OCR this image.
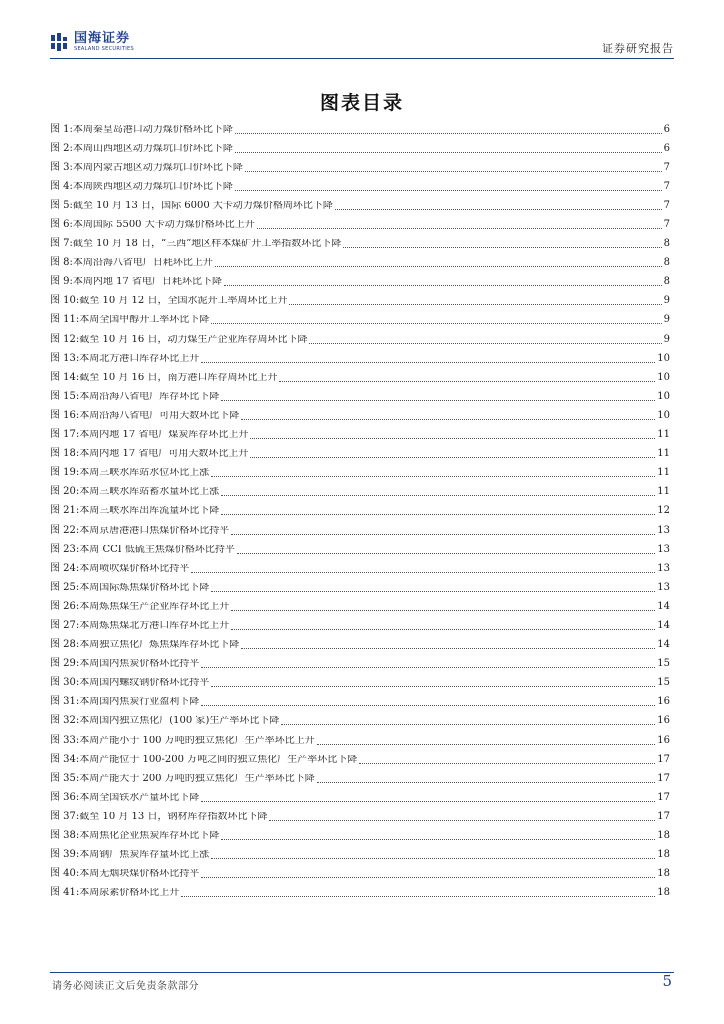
国海证券
SEALAND SECURITIES	证券研究报告
图表目录
图 1: 本周秦皇岛港口动力煤价格环比下降	6
图 2: 本周山西地区动力煤坑口价环比下降	6
图 3: 本周内蒙古地区动力煤坑口价环比下降	7
图 4: 本周陕西地区动力煤坑口价环比下降	7
图 5: 截至 10 月 13 日，国际 6000 大卡动力煤价格周环比下降	7
图 6: 本周国际 5500 大卡动力煤价格环比上升	7
图 7: 截至 10 月 18 日，“三西”地区样本煤矿开工率指数环比下降	8
图 8: 本周沿海八省电厂日耗环比上升	8
图 9: 本周内地 17 省电厂日耗环比下降	8
图 10: 截至 10 月 12 日，全国水泥开工率周环比上升	9
图 11: 本周全国甲醇开工率环比下降	9
图 12: 截至 10 月 16 日，动力煤生产企业库存周环比下降	9
图 13: 本周北方港口库存环比上升	10
图 14: 截至 10 月 16 日，南方港口库存周环比上升	10
图 15: 本周沿海八省电厂库存环比下降	10
图 16: 本周沿海八省电厂可用天数环比下降	10
图 17: 本周内地 17 省电厂煤炭库存环比上升	11
图 18: 本周内地 17 省电厂可用天数环比上升	11
图 19: 本周三峡水库站水位环比上涨	11
图 20: 本周三峡水库站蓄水量环比上涨	11
图 21: 本周三峡水库出库流量环比下降	12
图 22: 本周京唐港港口焦煤价格环比持平	13
图 23: 本周 CCI 低硫主焦煤价格环比持平	13
图 24: 本周喷吹煤价格环比持平	13
图 25: 本周国际炼焦煤价格环比下降	13
图 26: 本周炼焦煤生产企业库存环比上升	14
图 27: 本周炼焦煤北方港口库存环比上升	14
图 28: 本周独立焦化厂炼焦煤库存环比下降	14
图 29: 本周国内焦炭价格环比持平	15
图 30: 本周国内螺纹钢价格环比持平	15
图 31: 本周国内焦炭行业盈利下降	16
图 32: 本周国内独立焦化厂(100 家)生产率环比下降	16
图 33: 本周产能小于 100 万吨的独立焦化厂生产率环比上升	16
图 34: 本周产能位于 100-200 万吨之间的独立焦化厂生产率环比下降	17
图 35: 本周产能大于 200 万吨的独立焦化厂生产率环比下降	17
图 36: 本周全国铁水产量环比下降	17
图 37: 截至 10 月 13 日，钢材库存指数环比下降	17
图 38: 本周焦化企业焦炭库存环比下降	18
图 39: 本周钢厂焦炭库存量环比上涨	18
图 40: 本周无烟块煤价格环比持平	18
图 41: 本周尿素价格环比上升	18
请务必阅读正文后免责条款部分	5
